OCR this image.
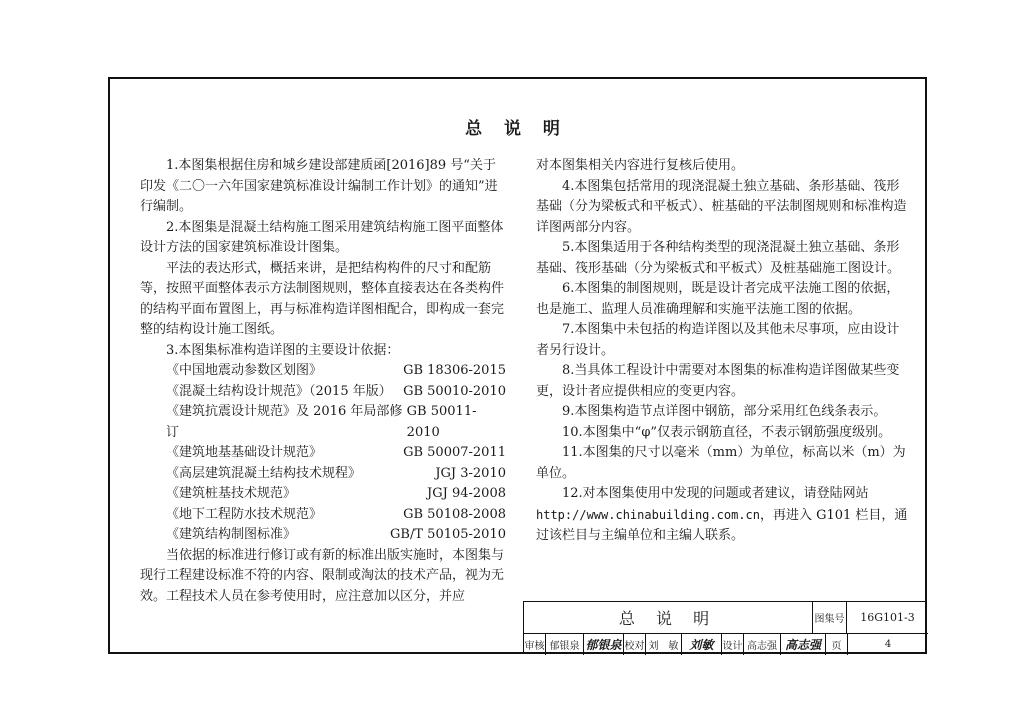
总 说 明

1.本图集根据住房和城乡建设部建质函[2016]89 号“关于印发《二〇一六年国家建筑标准设计编制工作计划》的通知”进行编制。

2.本图集是混凝土结构施工图采用建筑结构施工图平面整体设计方法的国家建筑标准设计图集。

平法的表达形式，概括来讲，是把结构构件的尺寸和配筋等，按照平面整体表示方法制图规则，整体直接表达在各类构件的结构平面布置图上，再与标准构造详图相配合，即构成一套完整的结构设计施工图纸。

3.本图集标准构造详图的主要设计依据：

《中国地震动参数区划图》	GB 18306-2015
《混凝土结构设计规范》（2015 年版） GB 50010-2010
《建筑抗震设计规范》及 2016 年局部修订
GB 50011-2010
《建筑地基基础设计规范》	GB 50007-2011
《高层建筑混凝土结构技术规程》	JGJ 3-2010
《建筑桩基技术规范》	JGJ 94-2008
《地下工程防水技术规范》	GB 50108-2008
《建筑结构制图标准》	GB/T 50105-2010

当依据的标准进行修订或有新的标准出版实施时，本图集与现行工程建设标准不符的内容、限制或淘汰的技术产品，视为无效。工程技术人员在参考使用时，应注意加以区分，并应

对本图集相关内容进行复核后使用。

4.本图集包括常用的现浇混凝土独立基础、条形基础、筏形基础（分为梁板式和平板式）、桩基础的平法制图规则和标准构造详图两部分内容。

5.本图集适用于各种结构类型的现浇混凝土独立基础、条形基础、筏形基础（分为梁板式和平板式）及桩基础施工图设计。

6.本图集的制图规则，既是设计者完成平法施工图的依据，也是施工、监理人员准确理解和实施平法施工图的依据。

7.本图集中未包括的构造详图以及其他未尽事项，应由设计者另行设计。

8.当具体工程设计中需要对本图集的标准构造详图做某些变更，设计者应提供相应的变更内容。

9.本图集构造节点详图中钢筋，部分采用红色线条表示。

10.本图集中“φ”仅表示钢筋直径，不表示钢筋强度级别。

11.本图集的尺寸以毫米（mm）为单位，标高以米（m）为单位。

12.对本图集使用中发现的问题或者建议，请登陆网站
http://www.chinabuilding.com.cn，再进入 G101 栏目，通过该栏目与主编单位和主编人联系。

总 说 明	图集号	16G101-3
审核 郁银泉 郁银泉 校对 刘　敏 刘敏 设计 高志强 高志强	页	4
